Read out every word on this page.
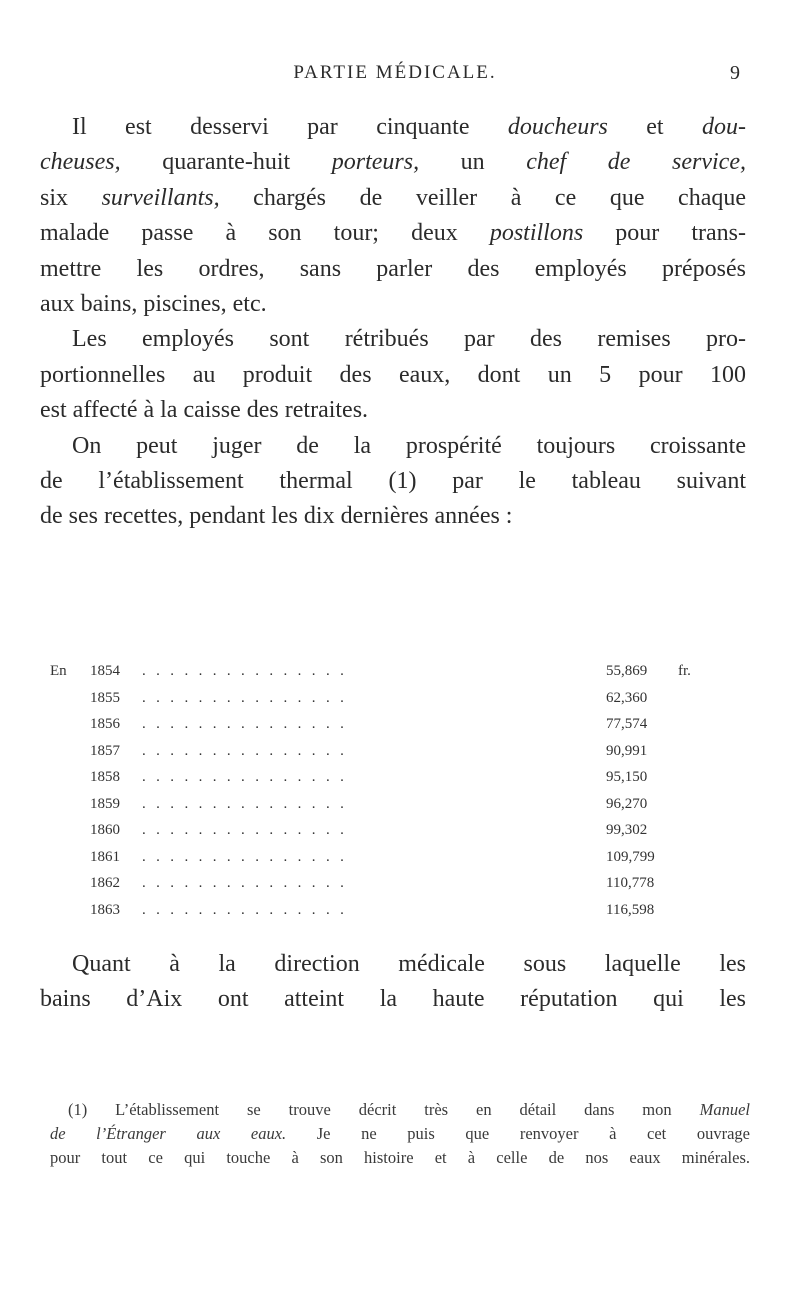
PARTIE MÉDICALE.	9
Il est desservi par cinquante doucheurs et dou-
cheuses, quarante-huit porteurs, un chef de service,
six surveillants, chargés de veiller à ce que chaque
malade passe à son tour; deux postillons pour trans-
mettre les ordres, sans parler des employés préposés
aux bains, piscines, etc.
Les employés sont rétribués par des remises pro-
portionnelles au produit des eaux, dont un 5 pour 100
est affecté à la caisse des retraites.
On peut juger de la prospérité toujours croissante
de l’établissement thermal (1) par le tableau suivant
de ses recettes, pendant les dix dernières années :
En 1854 ...............	55,869 fr.
1855 ...............	62,360
1856 ...............	77,574
1857 ...............	90,991
1858 ...............	95,150
1859 ...............	96,270
1860 ...............	99,302
1861 ...............	109,799
1862 ...............	110,778
1863 ...............	116,598
Quant à la direction médicale sous laquelle les
bains d’Aix ont atteint la haute réputation qui les
(1) L’établissement se trouve décrit très en détail dans mon Manuel
de l’Étranger aux eaux. Je ne puis que renvoyer à cet ouvrage
pour tout ce qui touche à son histoire et à celle de nos eaux minérales.
